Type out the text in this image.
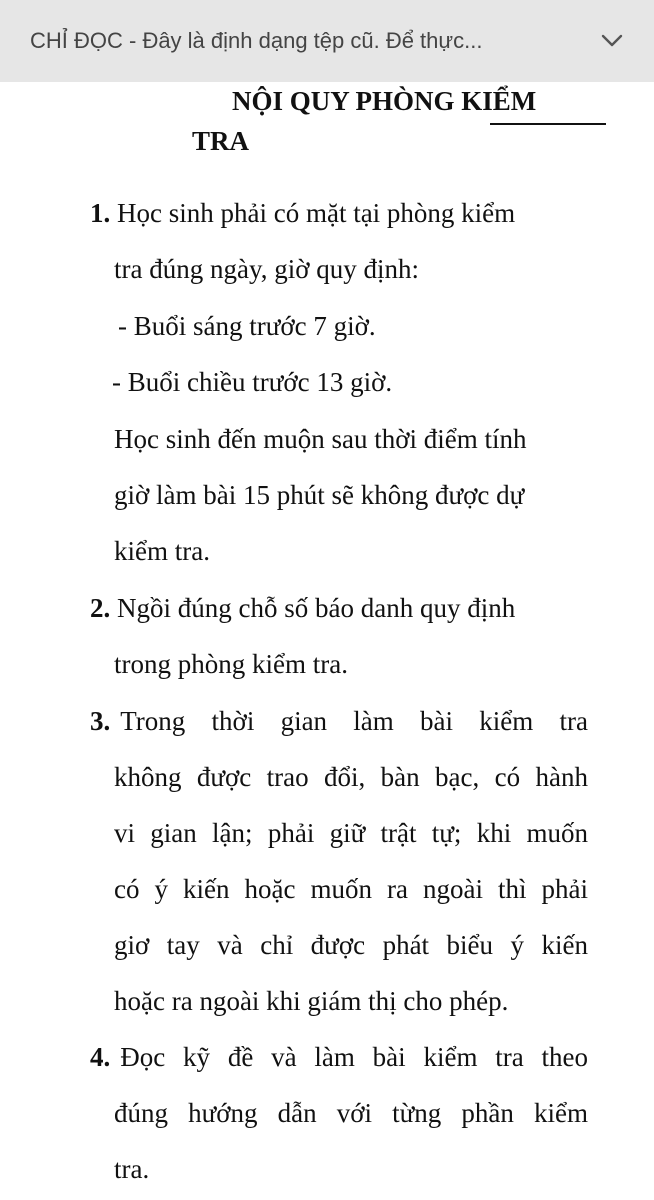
CHỈ ĐỌC - Đây là định dạng tệp cũ. Để thực...
NỘI QUY PHÒNG KIỂM
TRA
1. Học sinh phải có mặt tại phòng kiểm
tra đúng ngày, giờ quy định:
- Buổi sáng trước 7 giờ.
- Buổi chiều trước 13 giờ.
Học sinh đến muộn sau thời điểm tính
giờ làm bài 15 phút sẽ không được dự
kiểm tra.
2. Ngồi đúng chỗ số báo danh quy định
trong phòng kiểm tra.
3. Trong thời gian làm bài kiểm tra
không được trao đổi, bàn bạc, có hành
vi gian lận; phải giữ trật tự; khi muốn
có ý kiến hoặc muốn ra ngoài thì phải
giơ tay và chỉ được phát biểu ý kiến
hoặc ra ngoài khi giám thị cho phép.
4. Đọc kỹ đề và làm bài kiểm tra theo
đúng hướng dẫn với từng phần kiểm
tra.
